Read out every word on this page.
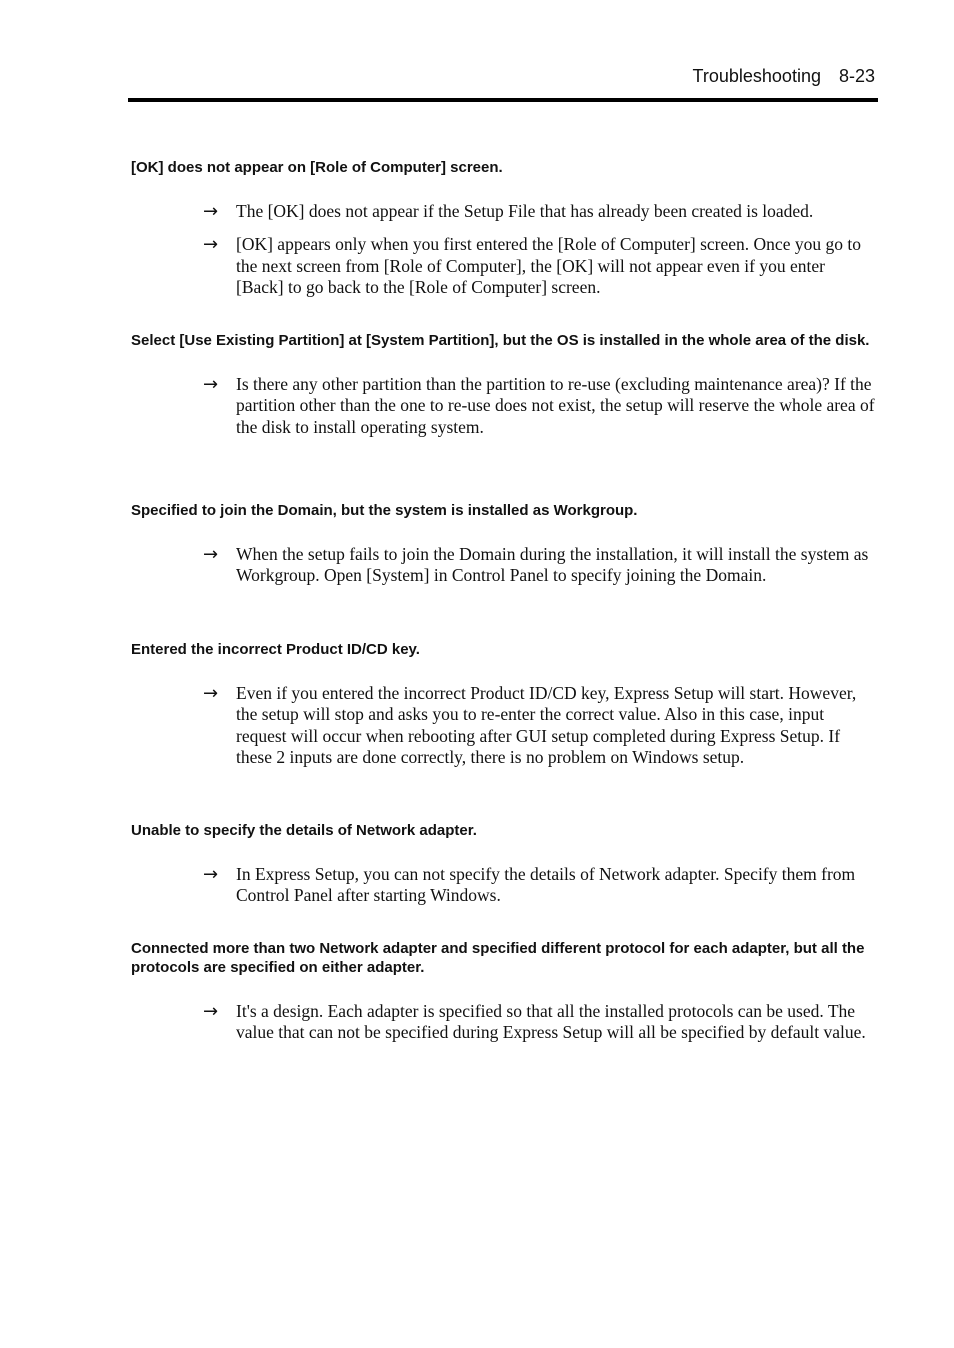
Troubleshooting 8-23

[OK] does not appear on [Role of Computer] screen.

→ The [OK] does not appear if the Setup File that has already been created is loaded.

→ [OK] appears only when you first entered the [Role of Computer] screen. Once you go to the next screen from [Role of Computer], the [OK] will not appear even if you enter [Back] to go back to the [Role of Computer] screen.

Select [Use Existing Partition] at [System Partition], but the OS is installed in the whole area of the disk.

→ Is there any other partition than the partition to re-use (excluding maintenance area)? If the partition other than the one to re-use does not exist, the setup will reserve the whole area of the disk to install operating system.

Specified to join the Domain, but the system is installed as Workgroup.

→ When the setup fails to join the Domain during the installation, it will install the system as Workgroup. Open [System] in Control Panel to specify joining the Domain.

Entered the incorrect Product ID/CD key.

→ Even if you entered the incorrect Product ID/CD key, Express Setup will start. However, the setup will stop and asks you to re-enter the correct value. Also in this case, input request will occur when rebooting after GUI setup completed during Express Setup. If these 2 inputs are done correctly, there is no problem on Windows setup.

Unable to specify the details of Network adapter.

→ In Express Setup, you can not specify the details of Network adapter. Specify them from Control Panel after starting Windows.

Connected more than two Network adapter and specified different protocol for each adapter, but all the protocols are specified on either adapter.

→ It's a design. Each adapter is specified so that all the installed protocols can be used. The value that can not be specified during Express Setup will all be specified by default value.
